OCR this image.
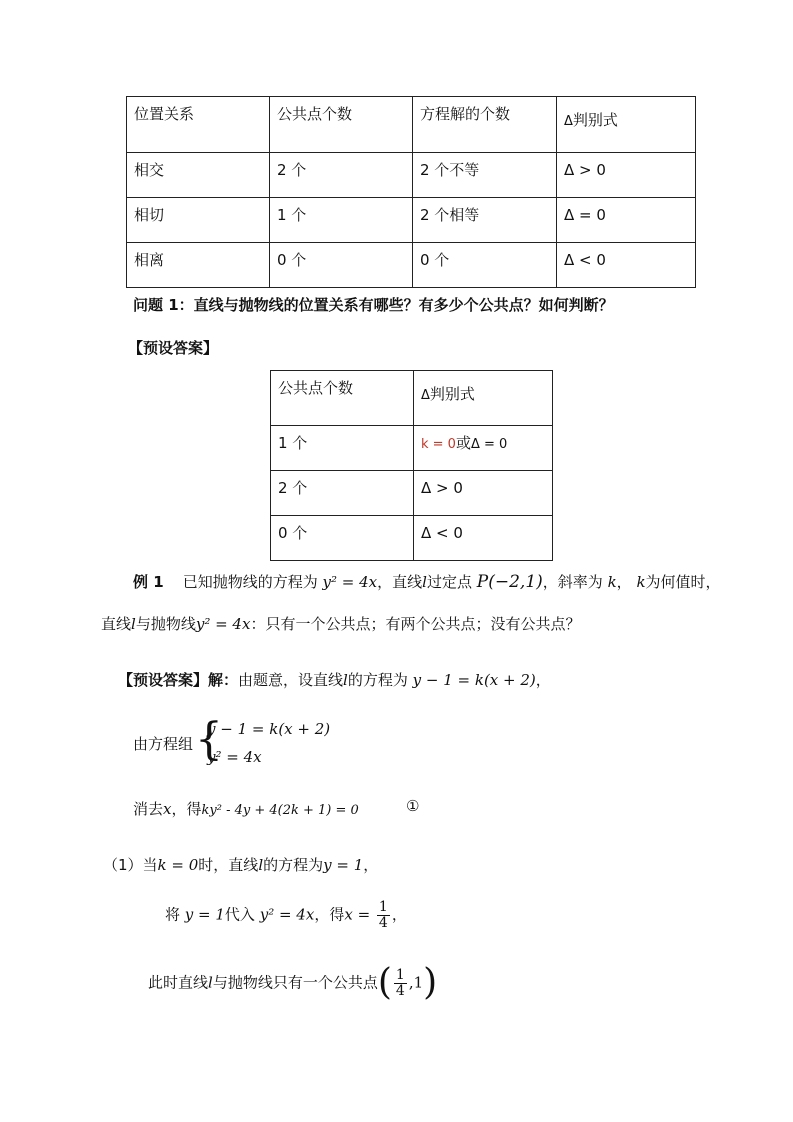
位置关系	公共点个数	方程解的个数	Δ判别式
相交	2 个	2 个不等	Δ > 0
相切	1 个	2 个相等	Δ = 0
相离	0 个	0 个	Δ < 0
问题 1：直线与抛物线的位置关系有哪些？有多少个公共点？如何判断？
【预设答案】
公共点个数	Δ判别式
1 个	k = 0或Δ = 0
2 个	Δ > 0
0 个	Δ < 0
例 1 已知抛物线的方程为 y² = 4x，直线l过定点 P(−2,1)，斜率为 k， k为何值时，
直线l与抛物线y² = 4x：只有一个公共点；有两个公共点；没有公共点？
【预设答案】解：由题意，设直线l的方程为 y − 1 = k(x + 2)，
由方程组 {
y − 1 = k(x + 2)
y² = 4x
消去x，得ky² - 4y + 4(2k + 1) = 0	①
（1）当k = 0时，直线l的方程为y = 1，
将 y = 1代入 y² = 4x，得$x = \frac{1}{4}$ ，
此时直线l与抛物线只有一个公共点( $\frac{1}{4} ,1$)
